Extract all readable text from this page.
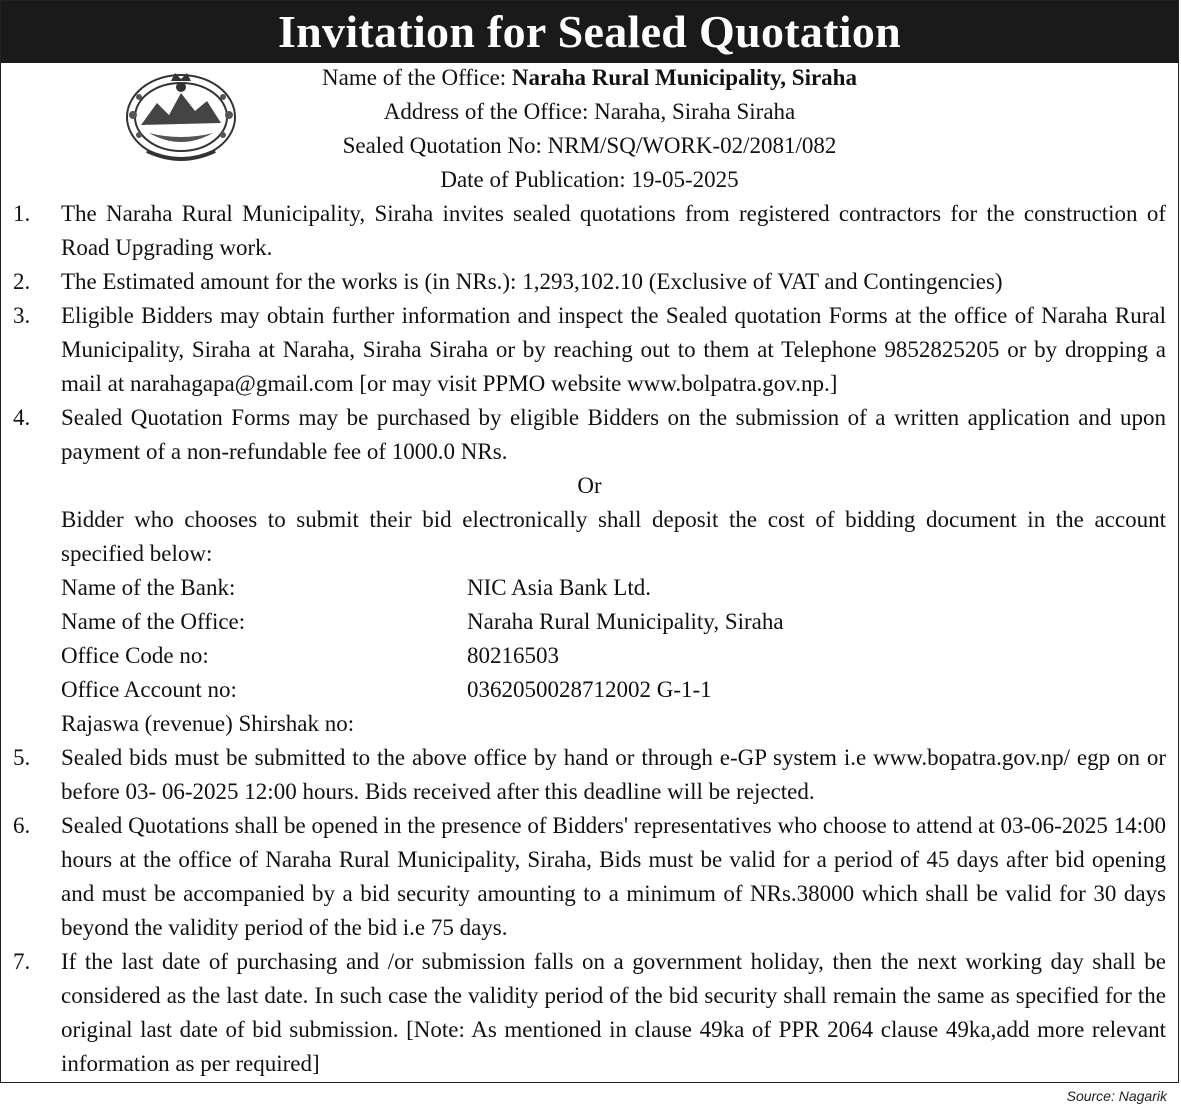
Invitation for Sealed Quotation
Name of the Office: Naraha Rural Municipality, Siraha
Address of the Office: Naraha, Siraha Siraha
Sealed Quotation No: NRM/SQ/WORK-02/2081/082
Date of Publication: 19-05-2025
1. The Naraha Rural Municipality, Siraha invites sealed quotations from registered contractors for the construction of Road Upgrading work.
2. The Estimated amount for the works is (in NRs.): 1,293,102.10 (Exclusive of VAT and Contingencies)
3. Eligible Bidders may obtain further information and inspect the Sealed quotation Forms at the office of Naraha Rural Municipality, Siraha at Naraha, Siraha Siraha or by reaching out to them at Telephone 9852825205 or by dropping a mail at narahagapa@gmail.com [or may visit PPMO website www.bolpatra.gov.np.]
4. Sealed Quotation Forms may be purchased by eligible Bidders on the submission of a written application and upon payment of a non-refundable fee of 1000.0 NRs.
Or
Bidder who chooses to submit their bid electronically shall deposit the cost of bidding document in the account specified below:
Name of the Bank:	NIC Asia Bank Ltd.
Name of the Office:	Naraha Rural Municipality, Siraha
Office Code no:	80216503
Office Account no:	0362050028712002 G-1-1
Rajaswa (revenue) Shirshak no:
5. Sealed bids must be submitted to the above office by hand or through e-GP system i.e www.bopatra.gov.np/ egp on or before 03- 06-2025 12:00 hours. Bids received after this deadline will be rejected.
6. Sealed Quotations shall be opened in the presence of Bidders' representatives who choose to attend at 03-06-2025 14:00 hours at the office of Naraha Rural Municipality, Siraha, Bids must be valid for a period of 45 days after bid opening and must be accompanied by a bid security amounting to a minimum of NRs.38000 which shall be valid for 30 days beyond the validity period of the bid i.e 75 days.
7. If the last date of purchasing and /or submission falls on a government holiday, then the next working day shall be considered as the last date. In such case the validity period of the bid security shall remain the same as specified for the original last date of bid submission. [Note: As mentioned in clause 49ka of PPR 2064 clause 49ka,add more relevant information as per required]
Source: Nagarik
